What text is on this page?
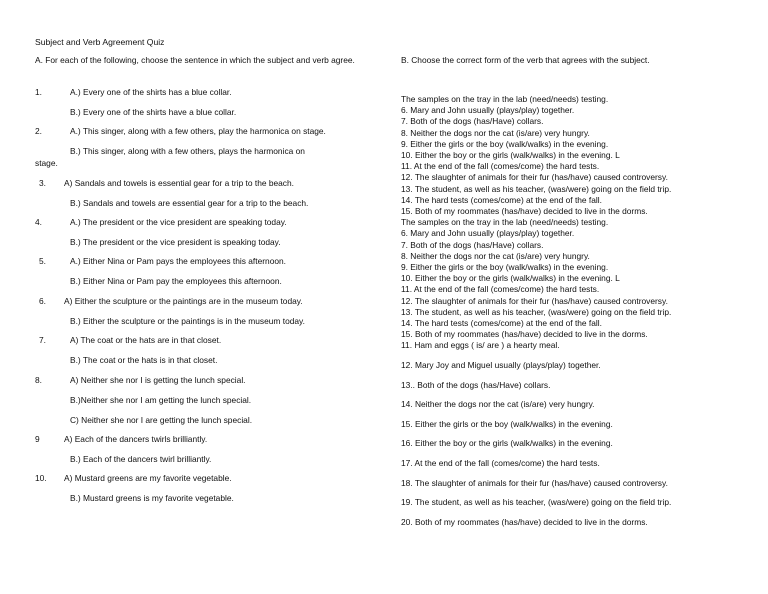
Subject and Verb Agreement Quiz
A. For each of the following, choose the sentence in which the subject and verb agree.
1.	A.) Every one of the shirts has a blue collar.
B.) Every one of the shirts have a blue collar.
2.	A.) This singer, along with a few others, play the harmonica on stage.
B.) This singer, along with a few others, plays the harmonica on
stage.
3. A) Sandals and towels is essential gear for a trip to the beach.
B.) Sandals and towels are essential gear for a trip to the beach.
4.	A.) The president or the vice president are speaking today.
B.) The president or the vice president is speaking today.
5.	A.) Either Nina or Pam pays the employees this afternoon.
B.) Either Nina or Pam pay the employees this afternoon.
6. A) Either the sculpture or the paintings are in the museum today.
B.) Either the sculpture or the paintings is in the museum today.
7.	A) The coat or the hats are in that closet.
B.) The coat or the hats is in that closet.
8.	A) Neither she nor I is getting the lunch special.
B.)Neither she nor I am getting the lunch special.
C) Neither she nor I are getting the lunch special.
9	A) Each of the dancers twirls brilliantly.
B.) Each of the dancers twirl brilliantly.
10. A) Mustard greens are my favorite vegetable.
B.) Mustard greens is my favorite vegetable.
B. Choose the correct form of the verb that agrees with the subject.
The samples on the tray in the lab (need/needs) testing.
6. Mary and John usually (plays/play) together.
7. Both of the dogs (has/Have) collars.
8. Neither the dogs nor the cat (is/are) very hungry.
9. Either the girls or the boy (walk/walks) in the evening.
10. Either the boy or the girls (walk/walks) in the evening. L
11. At the end of the fall (comes/come) the hard tests.
12. The slaughter of animals for their fur (has/have) caused controversy.
13. The student, as well as his teacher, (was/were) going on the field trip.
14. The hard tests (comes/come) at the end of the fall.
15. Both of my roommates (has/have) decided to live in the dorms.
The samples on the tray in the lab (need/needs) testing.
6. Mary and John usually (plays/play) together.
7. Both of the dogs (has/Have) collars.
8. Neither the dogs nor the cat (is/are) very hungry.
9. Either the girls or the boy (walk/walks) in the evening.
10. Either the boy or the girls (walk/walks) in the evening. L
11. At the end of the fall (comes/come) the hard tests.
12. The slaughter of animals for their fur (has/have) caused controversy.
13. The student, as well as his teacher, (was/were) going on the field trip.
14. The hard tests (comes/come) at the end of the fall.
15. Both of my roommates (has/have) decided to live in the dorms.
11. Ham and eggs ( is/ are ) a hearty meal.
12. Mary Joy and Miguel usually (plays/play) together.
13.. Both of the dogs (has/Have) collars.
14. Neither the dogs nor the cat (is/are) very hungry.
15. Either the girls or the boy (walk/walks) in the evening.
16. Either the boy or the girls (walk/walks) in the evening.
17. At the end of the fall (comes/come) the hard tests.
18. The slaughter of animals for their fur (has/have) caused controversy.
19. The student, as well as his teacher, (was/were) going on the field trip.
20. Both of my roommates (has/have) decided to live in the dorms.
